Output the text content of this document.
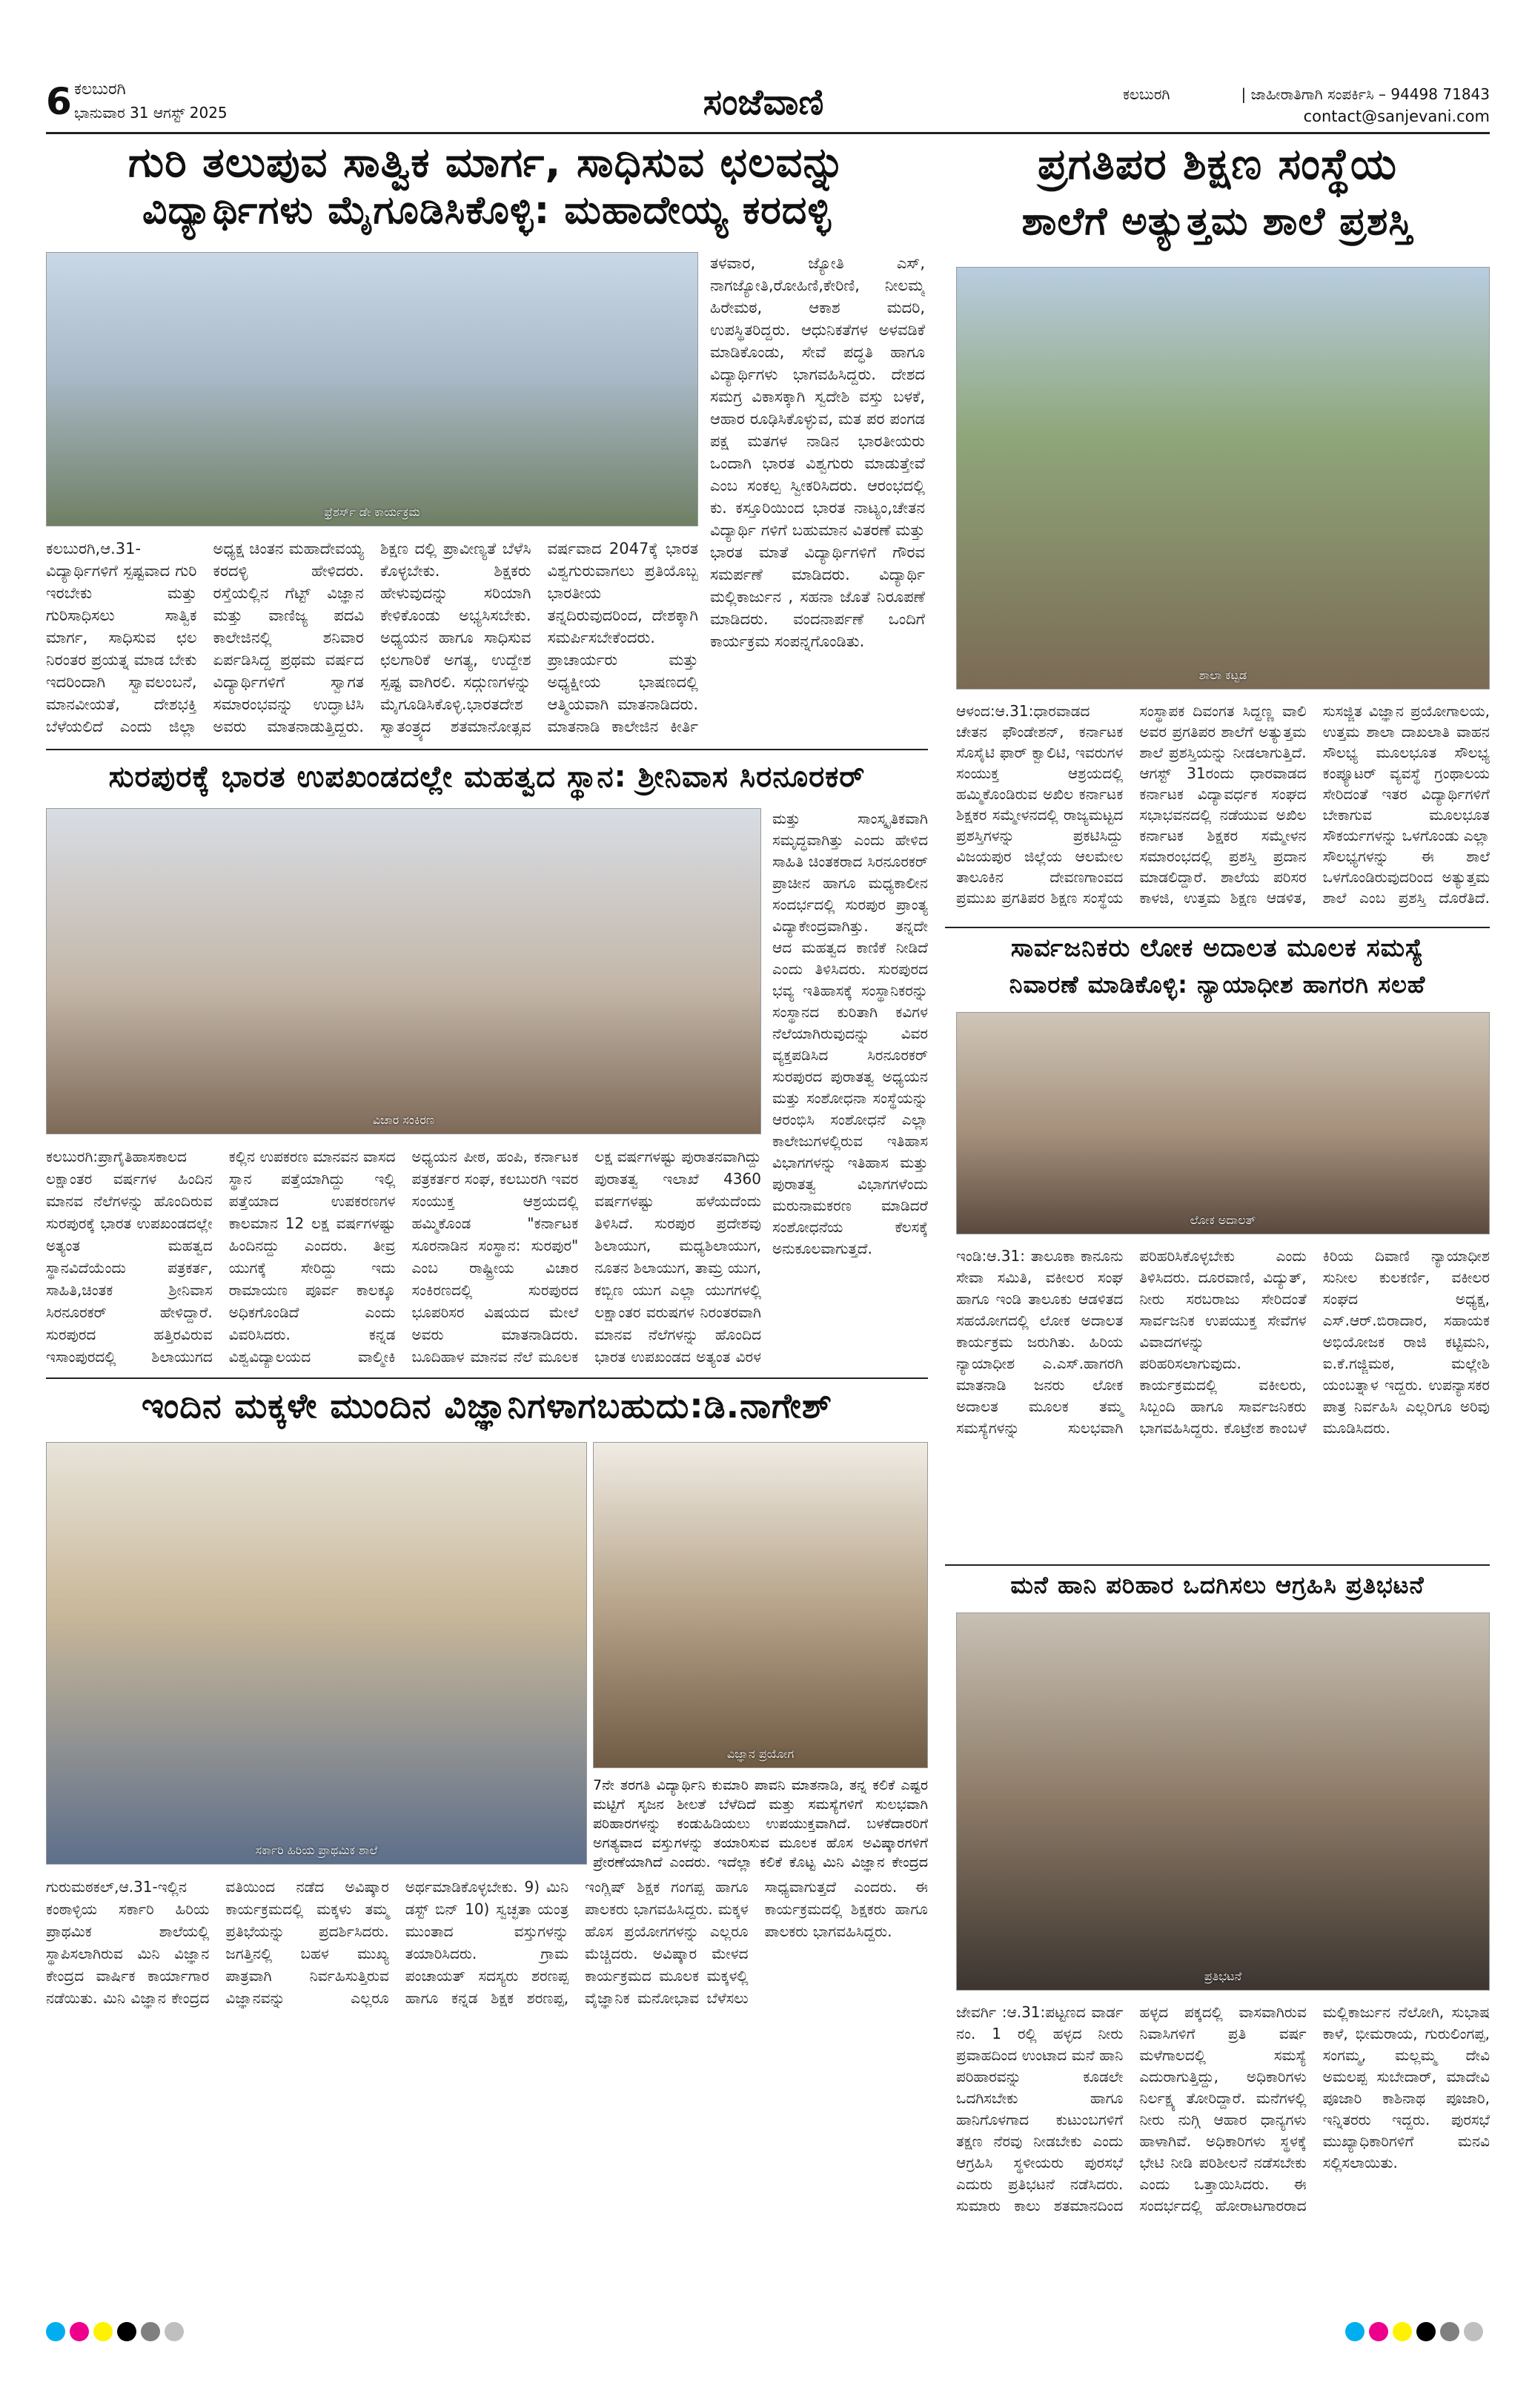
6 ಕಲಬುರಗಿ
ಭಾನುವಾರ 31 ಆಗಸ್ಟ್ 2025	ಸಂಜೆವಾಣಿ	ಕಲಬುರಗಿ	| ಜಾಹೀರಾತಿಗಾಗಿ ಸಂಪರ್ಕಿಸಿ – 94498 71843
contact@sanjevani.com
ಗುರಿ ತಲುಪುವ ಸಾತ್ವಿಕ ಮಾರ್ಗ, ಸಾಧಿಸುವ ಛಲವನ್ನು
ವಿದ್ಯಾರ್ಥಿಗಳು ಮೈಗೂಡಿಸಿಕೊಳ್ಳಿ: ಮಹಾದೇಯ್ಯ ಕರದಳ್ಳಿ
ಫ್ರೆಶರ್ಸ್ ಡೇ ಕಾರ್ಯಕ್ರಮ
ತಳವಾರ, ಜ್ಯೋತಿ ಎಸ್, ನಾಗಜ್ಯೋತಿ,ರೋಹಿಣಿ,ಕೇರಿಣಿ, ನೀಲಮ್ಮ ಹಿರೇಮಠ, ಆಕಾಶ ಮದರಿ, ಉಪಸ್ಥಿತರಿದ್ದರು. ಆಧುನಿಕತೆಗಳ ಅಳವಡಿಕೆ ಮಾಡಿಕೊಂಡು, ಸೇವೆ ಪದ್ಧತಿ ಹಾಗೂ ವಿದ್ಯಾರ್ಥಿಗಳು ಭಾಗವಹಿಸಿದ್ದರು. ದೇಶದ ಸಮಗ್ರ ವಿಕಾಸಕ್ಕಾಗಿ ಸ್ವದೇಶಿ ವಸ್ತು ಬಳಕೆ, ಆಹಾರ ರೂಢಿಸಿಕೊಳ್ಳುವ, ಮತ ಪರ ಪಂಗಡ ಪಕ್ಷ ಮತಗಳ ನಾಡಿನ ಭಾರತೀಯರು ಒಂದಾಗಿ ಭಾರತ ವಿಶ್ವಗುರು ಮಾಡುತ್ತೇವೆ ಎಂಬ ಸಂಕಲ್ಪ ಸ್ವೀಕರಿಸಿದರು. ಆರಂಭದಲ್ಲಿ ಕು. ಕಸ್ತೂರಿಯಿಂದ ಭಾರತ ನಾಟ್ಯಂ,ಚೇತನ ವಿದ್ಯಾರ್ಥಿ ಗಳಿಗೆ ಬಹುಮಾನ ವಿತರಣೆ ಮತ್ತು ಭಾರತ ಮಾತೆ ವಿದ್ಯಾರ್ಥಿಗಳಿಗೆ ಗೌರವ ಸಮರ್ಪಣೆ ಮಾಡಿದರು. ವಿದ್ಯಾರ್ಥಿ ಮಲ್ಲಿಕಾರ್ಜುನ , ಸಹನಾ ಜೊತೆ ನಿರೂಪಣೆ ಮಾಡಿದರು. ವಂದನಾರ್ಪಣೆ ಒಂದಿಗೆ ಕಾರ್ಯಕ್ರಮ ಸಂಪನ್ನಗೊಂಡಿತು.
ಕಲಬುರಗಿ,ಆ.31-ವಿದ್ಯಾರ್ಥಿಗಳಿಗೆ ಸ್ಪಷ್ಟವಾದ ಗುರಿ ಇರಬೇಕು ಮತ್ತು ಗುರಿಸಾಧಿಸಲು ಸಾತ್ವಿಕ ಮಾರ್ಗ, ಸಾಧಿಸುವ ಛಲ ನಿರಂತರ ಪ್ರಯತ್ನ ಮಾಡ ಬೇಕು ಇದರಿಂದಾಗಿ ಸ್ವಾವಲಂಬನೆ, ಮಾನವೀಯತೆ, ದೇಶಭಕ್ತಿ ಬೆಳೆಯಲಿದೆ ಎಂದು ಜಿಲ್ಲಾ ಅಧ್ಯಕ್ಷ ಚಿಂತನ ಮಹಾದೇವಯ್ಯ ಕರದಳ್ಳಿ ಹೇಳಿದರು. ರಸ್ತೆಯಲ್ಲಿನ ಗೆಟ್ಟ್ ವಿಜ್ಞಾನ ಮತ್ತು ವಾಣಿಜ್ಯ ಪದವಿ ಕಾಲೇಜಿನಲ್ಲಿ ಶನಿವಾರ ಏರ್ಪಡಿಸಿದ್ದ ಪ್ರಥಮ ವರ್ಷದ ವಿದ್ಯಾರ್ಥಿಗಳಿಗೆ ಸ್ವಾಗತ ಸಮಾರಂಭವನ್ನು ಉದ್ಘಾಟಿಸಿ ಅವರು ಮಾತನಾಡುತ್ತಿದ್ದರು. ಶಿಕ್ಷಣ ದಲ್ಲಿ ಪ್ರಾವೀಣ್ಯತೆ ಬೆಳೆಸಿ ಕೊಳ್ಳಬೇಕು. ಶಿಕ್ಷಕರು ಹೇಳುವುದನ್ನು ಸರಿಯಾಗಿ ಕೇಳಿಕೊಂಡು ಅಭ್ಯಸಿಸಬೇಕು. ಅಧ್ಯಯನ ಹಾಗೂ ಸಾಧಿಸುವ ಛಲಗಾರಿಕೆ ಅಗತ್ಯ, ಉದ್ದೇಶ ಸ್ಪಷ್ಟ ವಾಗಿರಲಿ. ಸದ್ಗುಣಗಳನ್ನು ಮೈಗೂಡಿಸಿಕೊಳ್ಳಿ.ಭಾರತದೇಶ ಸ್ವಾತಂತ್ರ್ಯದ ಶತಮಾನೋತ್ಸವ ವರ್ಷವಾದ 2047ಕ್ಕೆ ಭಾರತ ವಿಶ್ವಗುರುವಾಗಲು ಪ್ರತಿಯೊಬ್ಬ ಭಾರತೀಯ ತನ್ನದಿರುವುದರಿಂದ, ದೇಶಕ್ಕಾಗಿ ಸಮರ್ಪಿಸಬೇಕೆಂದರು. ಪ್ರಾಚಾರ್ಯರು ಮತ್ತು ಅಧ್ಯಕ್ಷೀಯ ಭಾಷಣದಲ್ಲಿ ಆತ್ಮಿಯವಾಗಿ ಮಾತನಾಡಿದರು. ಮಾತನಾಡಿ ಕಾಲೇಜಿನ ಕೀರ್ತಿ
ಪ್ರಗತಿಪರ ಶಿಕ್ಷಣ ಸಂಸ್ಥೆಯ
ಶಾಲೆಗೆ ಅತ್ಯುತ್ತಮ ಶಾಲೆ ಪ್ರಶಸ್ತಿ
ಶಾಲಾ ಕಟ್ಟಡ
ಆಳಂದ:ಆ.31:ಧಾರವಾಡದ ಚೇತನ ಫೌಂಡೇಶನ್, ಕರ್ನಾಟಕ ಸೊಸೈಟಿ ಫಾರ್ ಕ್ವಾಲಿಟಿ, ಇವರುಗಳ ಸಂಯುಕ್ತ ಆಶ್ರಯದಲ್ಲಿ ಹಮ್ಮಿಕೊಂಡಿರುವ ಅಖಿಲ ಕರ್ನಾಟಕ ಶಿಕ್ಷಕರ ಸಮ್ಮೇಳನದಲ್ಲಿ ರಾಜ್ಯಮಟ್ಟದ ಪ್ರಶಸ್ತಿಗಳನ್ನು ಪ್ರಕಟಿಸಿದ್ದು ವಿಜಯಪುರ ಜಿಲ್ಲೆಯ ಆಲಮೇಲ ತಾಲೂಕಿನ ದೇವಣಗಾಂವದ ಪ್ರಮುಖ ಪ್ರಗತಿಪರ ಶಿಕ್ಷಣ ಸಂಸ್ಥೆಯ ಸಂಸ್ಥಾಪಕ ದಿವಂಗತ ಸಿದ್ದಣ್ಣ ವಾಲಿ ಅವರ ಪ್ರಗತಿಪರ ಶಾಲೆಗೆ ಅತ್ಯುತ್ತಮ ಶಾಲೆ ಪ್ರಶಸ್ತಿಯನ್ನು ನೀಡಲಾಗುತ್ತಿದೆ. ಆಗಸ್ಟ್ 31ರಂದು ಧಾರವಾಡದ ಕರ್ನಾಟಕ ವಿದ್ಯಾವರ್ಧಕ ಸಂಘದ ಸಭಾಭವನದಲ್ಲಿ ನಡೆಯುವ ಅಖಿಲ ಕರ್ನಾಟಕ ಶಿಕ್ಷಕರ ಸಮ್ಮೇಳನ ಸಮಾರಂಭದಲ್ಲಿ ಪ್ರಶಸ್ತಿ ಪ್ರದಾನ ಮಾಡಲಿದ್ದಾರೆ. ಶಾಲೆಯ ಪರಿಸರ ಕಾಳಜಿ, ಉತ್ತಮ ಶಿಕ್ಷಣ ಆಡಳಿತ, ಸುಸಜ್ಜಿತ ವಿಜ್ಞಾನ ಪ್ರಯೋಗಾಲಯ, ಉತ್ತಮ ಶಾಲಾ ದಾಖಲಾತಿ ವಾಹನ ಸೌಲಭ್ಯ ಮೂಲಭೂತ ಸೌಲಭ್ಯ ಕಂಪ್ಯೂಟರ್ ವ್ಯವಸ್ಥೆ ಗ್ರಂಥಾಲಯ ಸೇರಿದಂತೆ ಇತರ ವಿದ್ಯಾರ್ಥಿಗಳಿಗೆ ಬೇಕಾಗುವ ಮೂಲಭೂತ ಸೌಕರ್ಯಗಳನ್ನು ಒಳಗೊಂಡು ಎಲ್ಲಾ ಸೌಲಭ್ಯಗಳನ್ನು ಈ ಶಾಲೆ ಒಳಗೊಂಡಿರುವುದರಿಂದ ಅತ್ಯುತ್ತಮ ಶಾಲೆ ಎಂಬ ಪ್ರಶಸ್ತಿ ದೊರೆತಿದೆ.
ಸುರಪುರಕ್ಕೆ ಭಾರತ ಉಪಖಂಡದಲ್ಲೇ ಮಹತ್ವದ ಸ್ಥಾನ: ಶ್ರೀನಿವಾಸ ಸಿರನೂರಕರ್
ವಿಚಾರ ಸಂಕಿರಣ
ಮತ್ತು ಸಾಂಸ್ಕೃತಿಕವಾಗಿ ಸಮೃದ್ಧವಾಗಿತ್ತು ಎಂದು ಹೇಳಿದ ಸಾಹಿತಿ ಚಿಂತಕರಾದ ಸಿರನೂರಕರ್ ಪ್ರಾಚೀನ ಹಾಗೂ ಮಧ್ಯಕಾಲೀನ ಸಂದರ್ಭದಲ್ಲಿ ಸುರಪುರ ಪ್ರಾಂತ್ಯ ವಿದ್ಯಾಕೇಂದ್ರವಾಗಿತ್ತು. ತನ್ನದೇ ಆದ ಮಹತ್ವದ ಕಾಣಿಕೆ ನೀಡಿದೆ ಎಂದು ತಿಳಿಸಿದರು. ಸುರಪುರದ ಭವ್ಯ ಇತಿಹಾಸಕ್ಕೆ ಸಂಸ್ಥಾನಿಕರನ್ನು ಸಂಸ್ಥಾನದ ಕುರಿತಾಗಿ ಕವಿಗಳ ನೆಲೆಯಾಗಿರುವುದನ್ನು ವಿವರ ವ್ಯಕ್ತಪಡಿಸಿದ ಸಿರನೂರಕರ್ ಸುರಪುರದ ಪುರಾತತ್ವ ಅಧ್ಯಯನ ಮತ್ತು ಸಂಶೋಧನಾ ಸಂಸ್ಥೆಯನ್ನು ಆರಂಭಿಸಿ ಸಂಶೋಧನೆ ಎಲ್ಲಾ ಕಾಲೇಜುಗಳಲ್ಲಿರುವ ಇತಿಹಾಸ ವಿಭಾಗಗಳನ್ನು ಇತಿಹಾಸ ಮತ್ತು ಪುರಾತತ್ವ ವಿಭಾಗಗಳೆಂದು ಮರುನಾಮಕರಣ ಮಾಡಿದರೆ ಸಂಶೋಧನೆಯ ಕೆಲಸಕ್ಕೆ ಅನುಕೂಲವಾಗುತ್ತದೆ.
ಕಲಬುರಗಿ:ಪ್ರಾಗೈತಿಹಾಸಕಾಲದ ಲಕ್ಷಾಂತರ ವರ್ಷಗಳ ಹಿಂದಿನ ಮಾನವ ನೆಲೆಗಳನ್ನು ಹೊಂದಿರುವ ಸುರಪುರಕ್ಕೆ ಭಾರತ ಉಪಖಂಡದಲ್ಲೇ ಅತ್ಯಂತ ಮಹತ್ವದ ಸ್ಥಾನವಿದೆಯೆಂದು ಪತ್ರಕರ್ತ, ಸಾಹಿತಿ,ಚಿಂತಕ ಶ್ರೀನಿವಾಸ ಸಿರನೂರಕರ್ ಹೇಳಿದ್ದಾರೆ. ಸುರಪುರದ ಹತ್ತಿರವಿರುವ ಇಸಾಂಪುರದಲ್ಲಿ ಶಿಲಾಯುಗದ ಕಲ್ಲಿನ ಉಪಕರಣ ಮಾನವನ ವಾಸದ ಸ್ಥಾನ ಪತ್ತೆಯಾಗಿದ್ದು ಇಲ್ಲಿ ಪತ್ತೆಯಾದ ಉಪಕರಣಗಳ ಕಾಲಮಾನ 12 ಲಕ್ಷ ವರ್ಷಗಳಷ್ಟು ಹಿಂದಿನದ್ದು ಎಂದರು. ತೀವ್ರ ಯುಗಕ್ಕೆ ಸೇರಿದ್ದು ಇದು ರಾಮಾಯಣ ಪೂರ್ವ ಕಾಲಕ್ಕೂ ಅಧಿಕಗೊಂಡಿದೆ ಎಂದು ವಿವರಿಸಿದರು. ಕನ್ನಡ ವಿಶ್ವವಿದ್ಯಾಲಯದ ವಾಲ್ಮೀಕಿ ಅಧ್ಯಯನ ಪೀಠ, ಹಂಪಿ, ಕರ್ನಾಟಕ ಪತ್ರಕರ್ತರ ಸಂಘ, ಕಲಬುರಗಿ ಇವರ ಸಂಯುಕ್ತ ಆಶ್ರಯದಲ್ಲಿ ಹಮ್ಮಿಕೊಂಡ "ಕರ್ನಾಟಕ ಸೂರನಾಡಿನ ಸಂಸ್ಥಾನ: ಸುರಪುರ" ಎಂಬ ರಾಷ್ಟ್ರೀಯ ವಿಚಾರ ಸಂಕಿರಣದಲ್ಲಿ ಸುರಪುರದ ಭೂಪರಿಸರ ವಿಷಯದ ಮೇಲೆ ಅವರು ಮಾತನಾಡಿದರು. ಬೂದಿಹಾಳ ಮಾನವ ನೆಲೆ ಮೂಲಕ ಲಕ್ಷ ವರ್ಷಗಳಷ್ಟು ಪುರಾತನವಾಗಿದ್ದು ಪುರಾತತ್ವ ಇಲಾಖೆ 4360 ವರ್ಷಗಳಷ್ಟು ಹಳೆಯದೆಂದು ತಿಳಿಸಿದೆ. ಸುರಪುರ ಪ್ರದೇಶವು ಶಿಲಾಯುಗ, ಮಧ್ಯಶಿಲಾಯುಗ, ನೂತನ ಶಿಲಾಯುಗ, ತಾಮ್ರ ಯುಗ, ಕಬ್ಬಿಣ ಯುಗ ಎಲ್ಲಾ ಯುಗಗಳಲ್ಲಿ ಲಕ್ಷಾಂತರ ವರುಷಗಳ ನಿರಂತರವಾಗಿ ಮಾನವ ನೆಲೆಗಳನ್ನು ಹೊಂದಿದ ಭಾರತ ಉಪಖಂಡದ ಅತ್ಯಂತ ವಿರಳ
ಸಾರ್ವಜನಿಕರು ಲೋಕ ಅದಾಲತ ಮೂಲಕ ಸಮಸ್ಯೆ
ನಿವಾರಣೆ ಮಾಡಿಕೊಳ್ಳಿ: ನ್ಯಾಯಾಧೀಶ ಹಾಗರಗಿ ಸಲಹೆ
ಲೋಕ ಅದಾಲತ್
ಇಂಡಿ:ಆ.31: ತಾಲೂಕಾ ಕಾನೂನು ಸೇವಾ ಸಮಿತಿ, ವಕೀಲರ ಸಂಘ ಹಾಗೂ ಇಂಡಿ ತಾಲೂಕು ಆಡಳಿತದ ಸಹಯೋಗದಲ್ಲಿ ಲೋಕ ಅದಾಲತ ಕಾರ್ಯಕ್ರಮ ಜರುಗಿತು. ಹಿರಿಯ ನ್ಯಾಯಾಧೀಶ ಎ.ಎಸ್.ಹಾಗರಗಿ ಮಾತನಾಡಿ ಜನರು ಲೋಕ ಅದಾಲತ ಮೂಲಕ ತಮ್ಮ ಸಮಸ್ಯೆಗಳನ್ನು ಸುಲಭವಾಗಿ ಪರಿಹರಿಸಿಕೊಳ್ಳಬೇಕು ಎಂದು ತಿಳಿಸಿದರು. ದೂರವಾಣಿ, ವಿದ್ಯುತ್, ನೀರು ಸರಬರಾಜು ಸೇರಿದಂತೆ ಸಾರ್ವಜನಿಕ ಉಪಯುಕ್ತ ಸೇವೆಗಳ ವಿವಾದಗಳನ್ನು ಪರಿಹರಿಸಲಾಗುವುದು. ಕಾರ್ಯಕ್ರಮದಲ್ಲಿ ವಕೀಲರು, ಸಿಬ್ಬಂದಿ ಹಾಗೂ ಸಾರ್ವಜನಿಕರು ಭಾಗವಹಿಸಿದ್ದರು. ಕೊಟ್ರೇಶ ಕಾಂಬಳೆ ಕಿರಿಯ ದಿವಾಣಿ ನ್ಯಾಯಾಧೀಶ ಸುನೀಲ ಕುಲಕರ್ಣಿ, ವಕೀಲರ ಸಂಘದ ಅಧ್ಯಕ್ಷ, ಎಸ್.ಆರ್.ಬಿರಾದಾರ, ಸಹಾಯಕ ಅಭಿಯೋಜಕ ರಾಜಿ ಕಟ್ಟಿಮನಿ, ಐ.ಕೆ.ಗಜ್ಜಿಮಠ, ಮಲ್ಲೇಶಿ ಯಂಬತ್ನಾಳ ಇದ್ದರು. ಉಪನ್ಯಾಸಕರ ಪಾತ್ರ ನಿರ್ವಹಿಸಿ ಎಲ್ಲರಿಗೂ ಅರಿವು ಮೂಡಿಸಿದರು.
ಇಂದಿನ ಮಕ್ಕಳೇ ಮುಂದಿನ ವಿಜ್ಞಾನಿಗಳಾಗಬಹುದು:ಡಿ.ನಾಗೇಶ್
ಸರ್ಕಾರಿ ಹಿರಿಯ ಪ್ರಾಥಮಿಕ ಶಾಲೆ
ವಿಜ್ಞಾನ ಪ್ರಯೋಗ
7ನೇ ತರಗತಿ ವಿದ್ಯಾರ್ಥಿನಿ ಕುಮಾರಿ ಪಾವನಿ ಮಾತನಾಡಿ, ತನ್ನ ಕಲಿಕೆ ಎಷ್ಟರ ಮಟ್ಟಿಗೆ ಸೃಜನ ಶೀಲತೆ ಬೆಳೆದಿದೆ ಮತ್ತು ಸಮಸ್ಯೆಗಳಿಗೆ ಸುಲಭವಾಗಿ ಪರಿಹಾರಗಳನ್ನು ಕಂಡುಹಿಡಿಯಲು ಉಪಯುಕ್ತವಾಗಿದೆ. ಬಳಕೆದಾರರಿಗೆ ಅಗತ್ಯವಾದ ವಸ್ತುಗಳನ್ನು ತಯಾರಿಸುವ ಮೂಲಕ ಹೊಸ ಅವಿಷ್ಕಾರಗಳಿಗೆ ಪ್ರೇರಣೆಯಾಗಿದೆ ಎಂದರು. ಇದೆಲ್ಲಾ ಕಲಿಕೆ ಕೊಟ್ಟ ಮಿನಿ ವಿಜ್ಞಾನ ಕೇಂದ್ರದ
ಗುರುಮಠಕಲ್,ಆ.31-ಇಲ್ಲಿನ ಕಂಠಾಳ್ಳಿಯ ಸರ್ಕಾರಿ ಹಿರಿಯ ಪ್ರಾಥಮಿಕ ಶಾಲೆಯಲ್ಲಿ ಸ್ಥಾಪಿಸಲಾಗಿರುವ ಮಿನಿ ವಿಜ್ಞಾನ ಕೇಂದ್ರದ ವಾರ್ಷಿಕ ಕಾರ್ಯಾಗಾರ ನಡೆಯಿತು. ಮಿನಿ ವಿಜ್ಞಾನ ಕೇಂದ್ರದ ವತಿಯಿಂದ ನಡೆದ ಅವಿಷ್ಕಾರ ಕಾರ್ಯಕ್ರಮದಲ್ಲಿ ಮಕ್ಕಳು ತಮ್ಮ ಪ್ರತಿಭೆಯನ್ನು ಪ್ರದರ್ಶಿಸಿದರು. ಜಗತ್ತಿನಲ್ಲಿ ಬಹಳ ಮುಖ್ಯ ಪಾತ್ರವಾಗಿ ನಿರ್ವಹಿಸುತ್ತಿರುವ ವಿಜ್ಞಾನವನ್ನು ಎಲ್ಲರೂ ಅರ್ಥಮಾಡಿಕೊಳ್ಳಬೇಕು. 9) ಮಿನಿ ಡಸ್ಟ್ ಬಿನ್ 10) ಸ್ವಚ್ಛತಾ ಯಂತ್ರ ಮುಂತಾದ ವಸ್ತುಗಳನ್ನು ತಯಾರಿಸಿದರು. ಗ್ರಾಮ ಪಂಚಾಯತ್ ಸದಸ್ಯರು ಶರಣಪ್ಪ ಹಾಗೂ ಕನ್ನಡ ಶಿಕ್ಷಕ ಶರಣಪ್ಪ, ಇಂಗ್ಲಿಷ್ ಶಿಕ್ಷಕ ಗಂಗಪ್ಪ ಹಾಗೂ ಪಾಲಕರು ಭಾಗವಹಿಸಿದ್ದರು. ಮಕ್ಕಳ ಹೊಸ ಪ್ರಯೋಗಗಳನ್ನು ಎಲ್ಲರೂ ಮೆಚ್ಚಿದರು. ಅವಿಷ್ಕಾರ ಮೇಳದ ಕಾರ್ಯಕ್ರಮದ ಮೂಲಕ ಮಕ್ಕಳಲ್ಲಿ ವೈಜ್ಞಾನಿಕ ಮನೋಭಾವ ಬೆಳೆಸಲು ಸಾಧ್ಯವಾಗುತ್ತದೆ ಎಂದರು. ಈ ಕಾರ್ಯಕ್ರಮದಲ್ಲಿ ಶಿಕ್ಷಕರು ಹಾಗೂ ಪಾಲಕರು ಭಾಗವಹಿಸಿದ್ದರು.
ಮನೆ ಹಾನಿ ಪರಿಹಾರ ಒದಗಿಸಲು ಆಗ್ರಹಿಸಿ ಪ್ರತಿಭಟನೆ
ಪ್ರತಿಭಟನೆ
ಜೇವರ್ಗಿ :ಆ.31:ಪಟ್ಟಣದ ವಾರ್ಡ ನಂ. 1 ರಲ್ಲಿ ಹಳ್ಳದ ನೀರು ಪ್ರವಾಹದಿಂದ ಉಂಟಾದ ಮನೆ ಹಾನಿ ಪರಿಹಾರವನ್ನು ಕೂಡಲೇ ಒದಗಿಸಬೇಕು ಹಾಗೂ ಹಾನಿಗೊಳಗಾದ ಕುಟುಂಬಗಳಿಗೆ ತಕ್ಷಣ ನೆರವು ನೀಡಬೇಕು ಎಂದು ಆಗ್ರಹಿಸಿ ಸ್ಥಳೀಯರು ಪುರಸಭೆ ಎದುರು ಪ್ರತಿಭಟನೆ ನಡೆಸಿದರು. ಸುಮಾರು ಕಾಲು ಶತಮಾನದಿಂದ ಹಳ್ಳದ ಪಕ್ಕದಲ್ಲಿ ವಾಸವಾಗಿರುವ ನಿವಾಸಿಗಳಿಗೆ ಪ್ರತಿ ವರ್ಷ ಮಳೆಗಾಲದಲ್ಲಿ ಸಮಸ್ಯೆ ಎದುರಾಗುತ್ತಿದ್ದು, ಅಧಿಕಾರಿಗಳು ನಿರ್ಲಕ್ಷ್ಯ ತೋರಿದ್ದಾರೆ. ಮನೆಗಳಲ್ಲಿ ನೀರು ನುಗ್ಗಿ ಆಹಾರ ಧಾನ್ಯಗಳು ಹಾಳಾಗಿವೆ. ಅಧಿಕಾರಿಗಳು ಸ್ಥಳಕ್ಕೆ ಭೇಟಿ ನೀಡಿ ಪರಿಶೀಲನೆ ನಡೆಸಬೇಕು ಎಂದು ಒತ್ತಾಯಿಸಿದರು. ಈ ಸಂದರ್ಭದಲ್ಲಿ ಹೋರಾಟಗಾರರಾದ ಮಲ್ಲಿಕಾರ್ಜುನ ನೆಲೋಗಿ, ಸುಭಾಷ ಕಾಳೆ, ಭೀಮರಾಯ, ಗುರುಲಿಂಗಪ್ಪ, ಸಂಗಮ್ಮ, ಮಲ್ಲಮ್ಮ ದೇವಿ ಅಮಲಪ್ಪ ಸುಬೇದಾರ್, ಮಾದೇವಿ ಪೂಜಾರಿ ಕಾಶಿನಾಥ ಪೂಜಾರಿ, ಇನ್ನಿತರರು ಇದ್ದರು. ಪುರಸಭೆ ಮುಖ್ಯಾಧಿಕಾರಿಗಳಿಗೆ ಮನವಿ ಸಲ್ಲಿಸಲಾಯಿತು.
